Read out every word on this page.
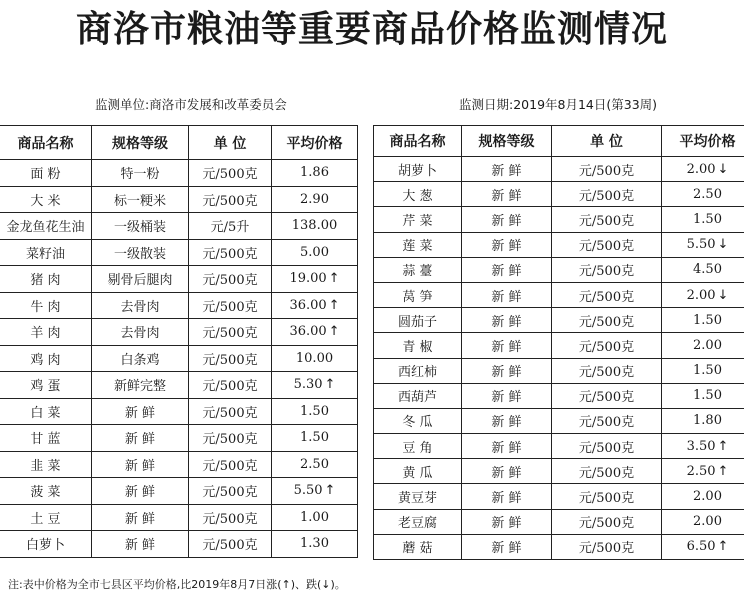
商洛市粮油等重要商品价格监测情况
监测单位:商洛市发展和改革委员会	监测日期:2019年8月14日(第33周)
商品名称	规格等级	单 位	平均价格
面 粉	特一粉	元/500克	1.86
大 米	标一粳米	元/500克	2.90
金龙鱼花生油	一级桶装	元/5升	138.00
菜籽油	一级散装	元/500克	5.00
猪 肉	剔骨后腿肉	元/500克	19.00 ↑
牛 肉	去骨肉	元/500克	36.00 ↑
羊 肉	去骨肉	元/500克	36.00 ↑
鸡 肉	白条鸡	元/500克	10.00
鸡 蛋	新鲜完整	元/500克	5.30 ↑
白 菜	新 鲜	元/500克	1.50
甘 蓝	新 鲜	元/500克	1.50
韭 菜	新 鲜	元/500克	2.50
菠 菜	新 鲜	元/500克	5.50 ↑
土 豆	新 鲜	元/500克	1.00
白萝卜	新 鲜	元/500克	1.30
商品名称	规格等级	单 位	平均价格
胡萝卜	新 鲜	元/500克	2.00 ↓
大 葱	新 鲜	元/500克	2.50
芹 菜	新 鲜	元/500克	1.50
莲 菜	新 鲜	元/500克	5.50 ↓
蒜 薹	新 鲜	元/500克	4.50
莴 笋	新 鲜	元/500克	2.00 ↓
圆茄子	新 鲜	元/500克	1.50
青 椒	新 鲜	元/500克	2.00
西红柿	新 鲜	元/500克	1.50
西葫芦	新 鲜	元/500克	1.50
冬 瓜	新 鲜	元/500克	1.80
豆 角	新 鲜	元/500克	3.50 ↑
黄 瓜	新 鲜	元/500克	2.50 ↑
黄豆芽	新 鲜	元/500克	2.00
老豆腐	新 鲜	元/500克	2.00
蘑 菇	新 鲜	元/500克	6.50 ↑
注:表中价格为全市七县区平均价格,比2019年8月7日涨(↑)、跌(↓)。
